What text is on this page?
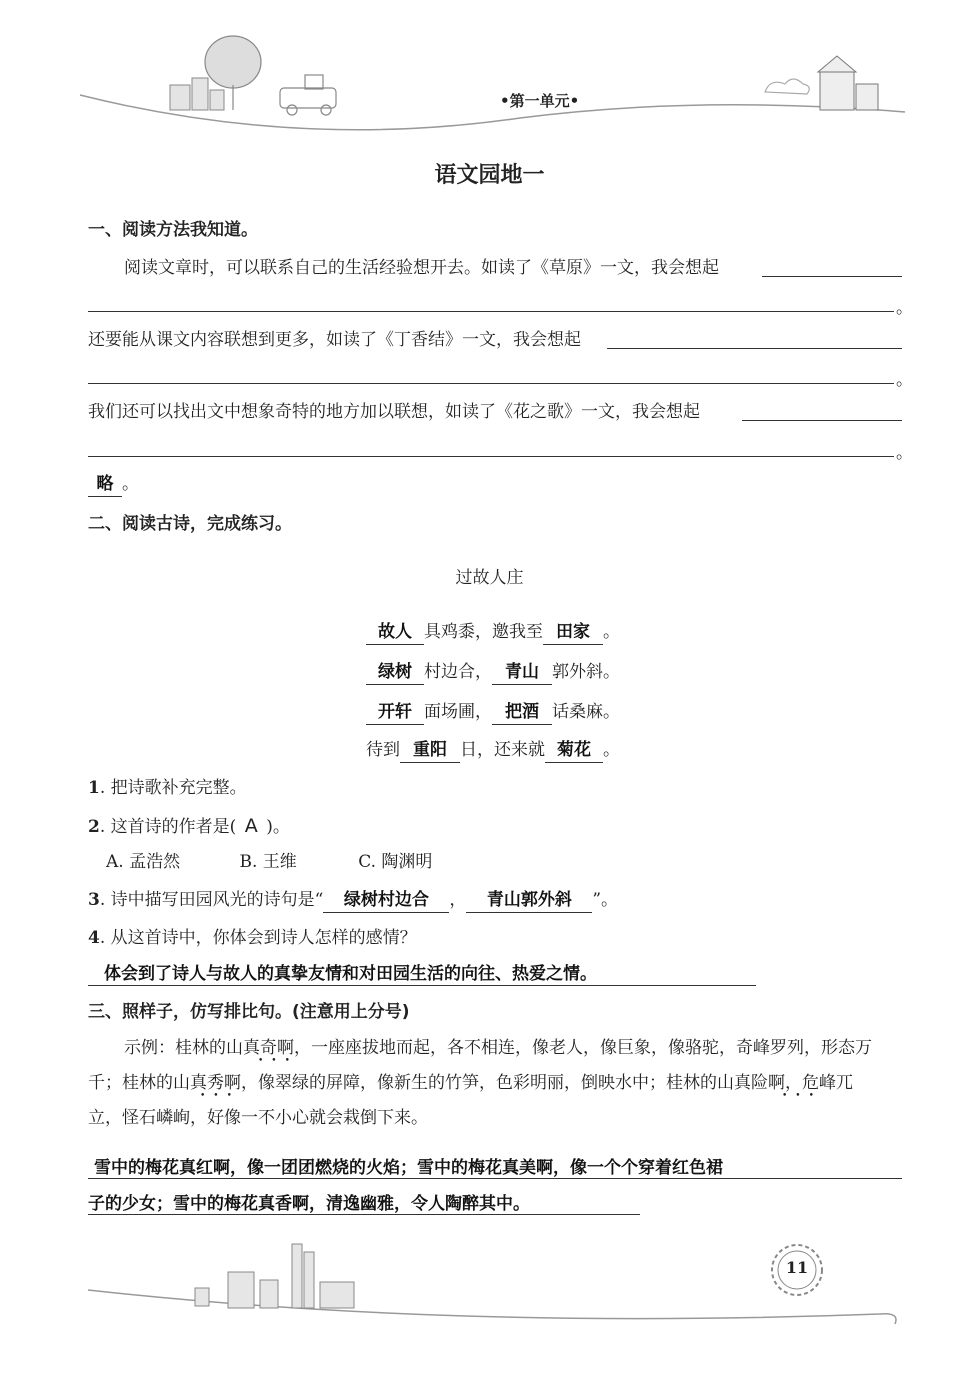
•第一单元•
语文园地一
一、阅读方法我知道。
阅读文章时，可以联系自己的生活经验想开去。如读了《草原》一文，我会想起
。
还要能从课文内容联想到更多，如读了《丁香结》一文，我会想起
。
我们还可以找出文中想象奇特的地方加以联想，如读了《花之歌》一文，我会想起
。
略 。
二、阅读古诗，完成练习。
过故人庄
故人 具鸡黍，邀我至 田家 。
绿树 村边合， 青山 郭外斜。
开轩 面场圃， 把酒 话桑麻。
待到 重阳 日，还来就 菊花 。
1. 把诗歌补充完整。
2. 这首诗的作者是( A )。
A. 孟浩然	B. 王维	C. 陶渊明
3. 诗中描写田园风光的诗句是“ 绿树村边合 ， 青山郭外斜 ”。
4. 从这首诗中，你体会到诗人怎样的感情？
体会到了诗人与故人的真挚友情和对田园生活的向往、热爱之情。
三、照样子，仿写排比句。(注意用上分号)
示例：桂林的山真奇啊，一座座拔地而起，各不相连，像老人，像巨象，像骆驼，奇峰罗列，形态万
千；桂林的山真秀啊，像翠绿的屏障，像新生的竹笋，色彩明丽，倒映水中；桂林的山真险啊，危峰兀
立，怪石嶙峋，好像一不小心就会栽倒下来。
•••
•••	•••
雪中的梅花真红啊，像一团团燃烧的火焰；雪中的梅花真美啊，像一个个穿着红色裙
子的少女；雪中的梅花真香啊，清逸幽雅，令人陶醉其中。
11
